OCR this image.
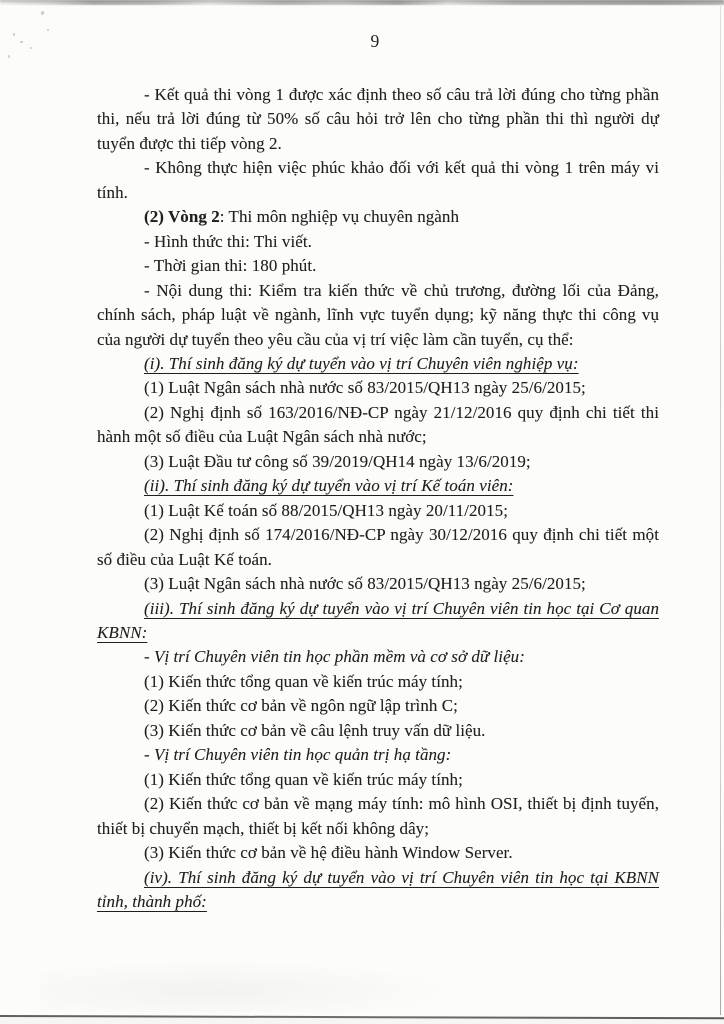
9

- Kết quả thi vòng 1 được xác định theo số câu trả lời đúng cho từng phần thi, nếu trả lời đúng từ 50% số câu hỏi trở lên cho từng phần thi thì người dự tuyển được thi tiếp vòng 2.

- Không thực hiện việc phúc khảo đối với kết quả thi vòng 1 trên máy vi tính.

(2) Vòng 2: Thi môn nghiệp vụ chuyên ngành

- Hình thức thi: Thi viết.

- Thời gian thi: 180 phút.

- Nội dung thi: Kiểm tra kiến thức về chủ trương, đường lối của Đảng, chính sách, pháp luật về ngành, lĩnh vực tuyển dụng; kỹ năng thực thi công vụ của người dự tuyển theo yêu cầu của vị trí việc làm cần tuyển, cụ thể:

(i). Thí sinh đăng ký dự tuyển vào vị trí Chuyên viên nghiệp vụ:

(1) Luật Ngân sách nhà nước số 83/2015/QH13 ngày 25/6/2015;

(2) Nghị định số 163/2016/NĐ-CP ngày 21/12/2016 quy định chi tiết thi hành một số điều của Luật Ngân sách nhà nước;

(3) Luật Đầu tư công số 39/2019/QH14 ngày 13/6/2019;

(ii). Thí sinh đăng ký dự tuyển vào vị trí Kế toán viên:

(1) Luật Kế toán số 88/2015/QH13 ngày 20/11/2015;

(2) Nghị định số 174/2016/NĐ-CP ngày 30/12/2016 quy định chi tiết một số điều của Luật Kế toán.

(3) Luật Ngân sách nhà nước số 83/2015/QH13 ngày 25/6/2015;

(iii). Thí sinh đăng ký dự tuyển vào vị trí Chuyên viên tin học tại Cơ quan KBNN:

- Vị trí Chuyên viên tin học phần mềm và cơ sở dữ liệu:

(1) Kiến thức tổng quan về kiến trúc máy tính;

(2) Kiến thức cơ bản về ngôn ngữ lập trình C;

(3) Kiến thức cơ bản về câu lệnh truy vấn dữ liệu.

- Vị trí Chuyên viên tin học quản trị hạ tầng:

(1) Kiến thức tổng quan về kiến trúc máy tính;

(2) Kiến thức cơ bản về mạng máy tính: mô hình OSI, thiết bị định tuyến, thiết bị chuyển mạch, thiết bị kết nối không dây;

(3) Kiến thức cơ bản về hệ điều hành Window Server.

(iv). Thí sinh đăng ký dự tuyển vào vị trí Chuyên viên tin học tại KBNN tỉnh, thành phố:
